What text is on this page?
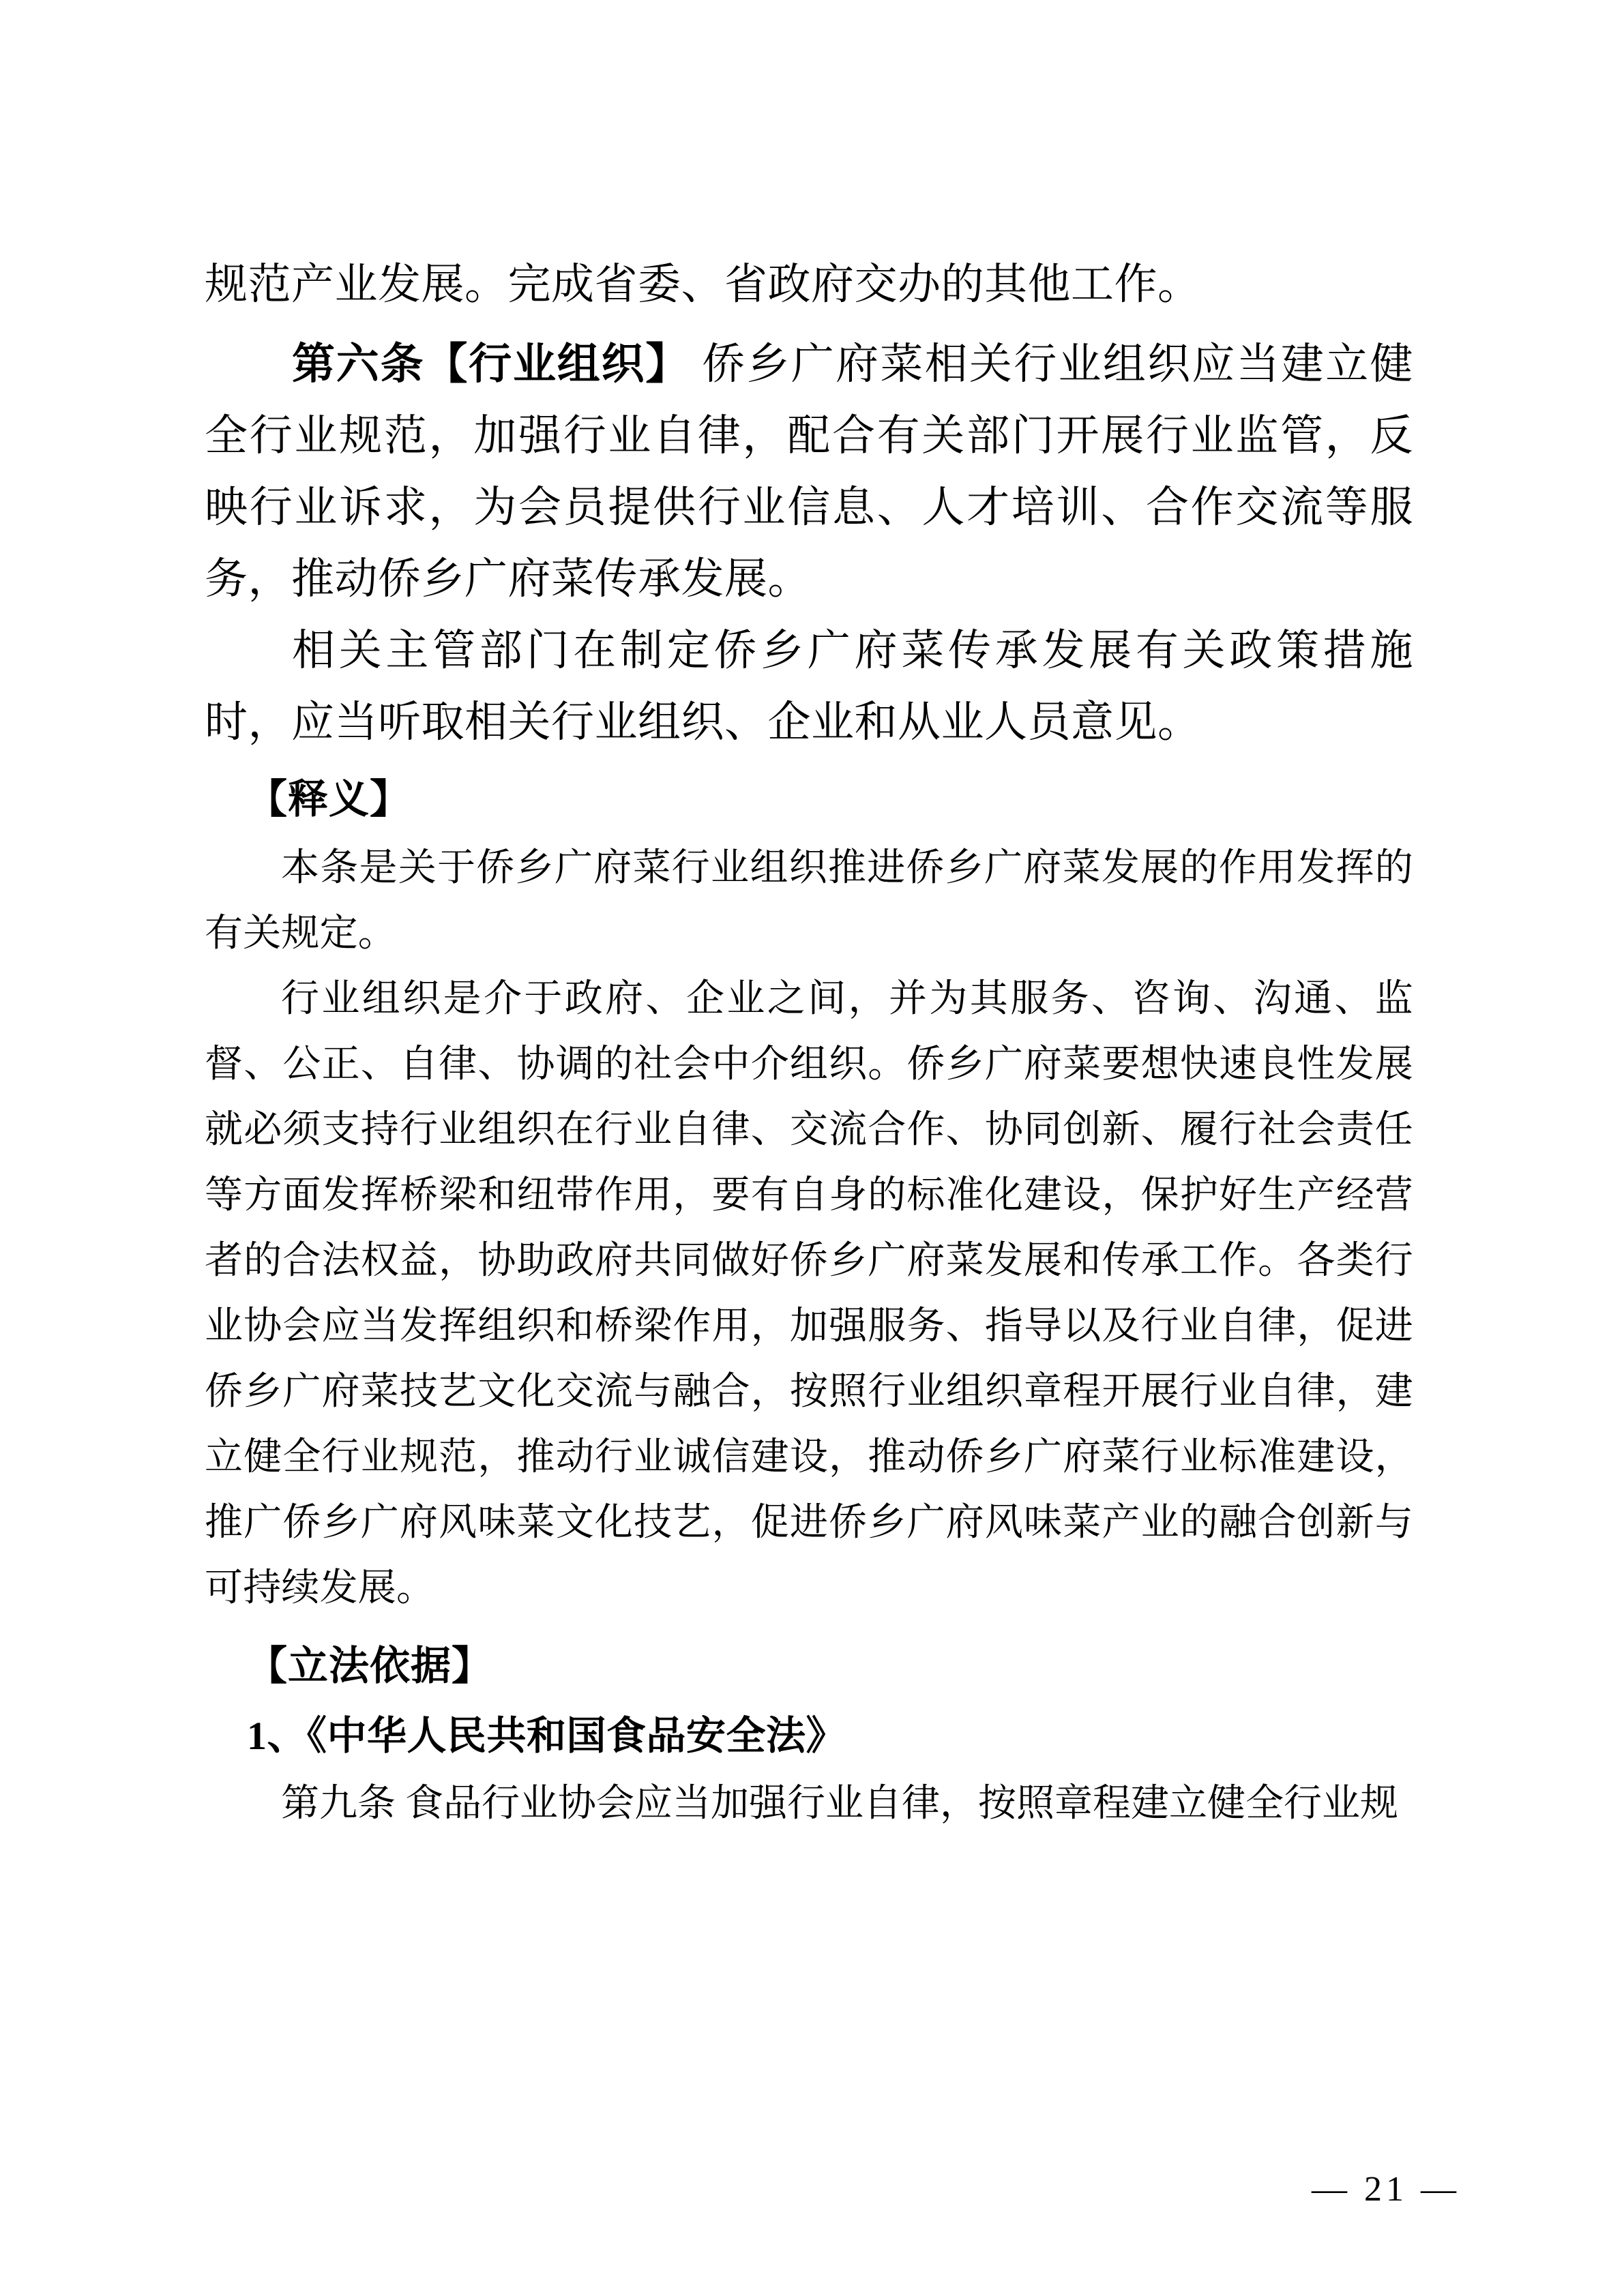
规范产业发展。完成省委、省政府交办的其他工作。

第六条【行业组织】 侨乡广府菜相关行业组织应当建立健全行业规范，加强行业自律，配合有关部门开展行业监管，反映行业诉求，为会员提供行业信息、人才培训、合作交流等服务，推动侨乡广府菜传承发展。

相关主管部门在制定侨乡广府菜传承发展有关政策措施时，应当听取相关行业组织、企业和从业人员意见。

【释义】

本条是关于侨乡广府菜行业组织推进侨乡广府菜发展的作用发挥的有关规定。

行业组织是介于政府、企业之间，并为其服务、咨询、沟通、监督、公正、自律、协调的社会中介组织。侨乡广府菜要想快速良性发展就必须支持行业组织在行业自律、交流合作、协同创新、履行社会责任等方面发挥桥梁和纽带作用，要有自身的标准化建设，保护好生产经营者的合法权益，协助政府共同做好侨乡广府菜发展和传承工作。各类行业协会应当发挥组织和桥梁作用，加强服务、指导以及行业自律，促进侨乡广府菜技艺文化交流与融合，按照行业组织章程开展行业自律，建立健全行业规范，推动行业诚信建设，推动侨乡广府菜行业标准建设，推广侨乡广府风味菜文化技艺，促进侨乡广府风味菜产业的融合创新与可持续发展。

【立法依据】

1、《中华人民共和国食品安全法》

第九条 食品行业协会应当加强行业自律，按照章程建立健全行业规

— 21 —
